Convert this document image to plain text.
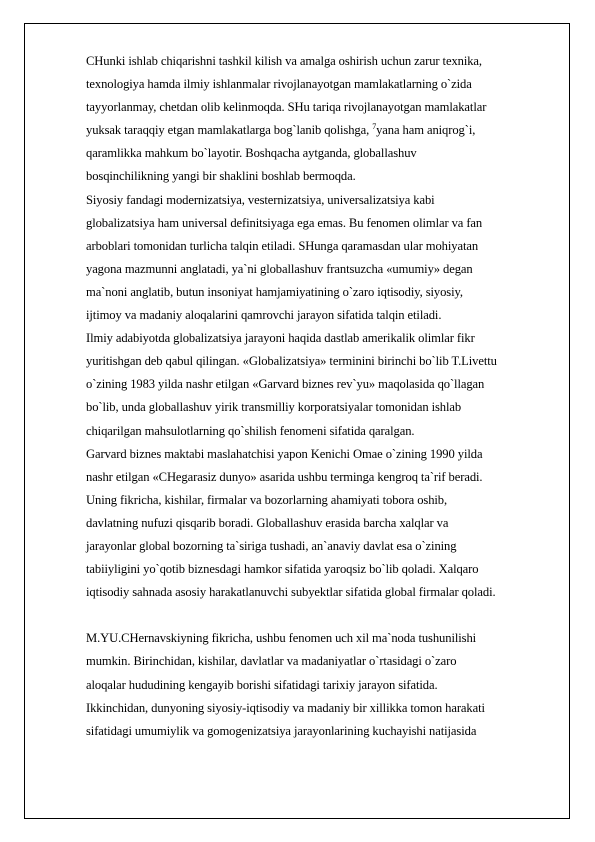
CHunki ishlab chiqarishni tashkil kilish va amalga oshirish uchun zarur texnika,
texnologiya hamda ilmiy ishlanmalar rivojlanayotgan mamlakatlarning o`zida
tayyorlanmay, chetdan olib kelinmoqda. SHu tariqa rivojlanayotgan mamlakatlar
yuksak taraqqiy etgan mamlakatlarga bog`lanib qolishga, $^7$yana ham aniqrog`i,
qaramlikka mahkum bo`layotir. Boshqacha aytganda, globallashuv
bosqinchilikning yangi bir shaklini boshlab bermoqda.
Siyosiy fandagi modernizatsiya, vesternizatsiya, universalizatsiya kabi
globalizatsiya ham universal definitsiyaga ega emas. Bu fenomen olimlar va fan
arboblari tomonidan turlicha talqin etiladi. SHunga qaramasdan ular mohiyatan
yagona mazmunni anglatadi, ya`ni globallashuv frantsuzcha «umumiy» degan
ma`noni anglatib, butun insoniyat hamjamiyatining o`zaro iqtisodiy, siyosiy,
ijtimoy va madaniy aloqalarini qamrovchi jarayon sifatida talqin etiladi.
Ilmiy adabiyotda globalizatsiya jarayoni haqida dastlab amerikalik olimlar fikr
yuritishgan deb qabul qilingan. «Globalizatsiya» terminini birinchi bo`lib T.Livettu
o`zining 1983 yilda nashr etilgan «Garvard biznes rev`yu» maqolasida qo`llagan
bo`lib, unda globallashuv yirik transmilliy korporatsiyalar tomonidan ishlab
chiqarilgan mahsulotlarning qo`shilish fenomeni sifatida qaralgan.
Garvard biznes maktabi maslahatchisi yapon Kenichi Omae o`zining 1990 yilda
nashr etilgan «CHegarasiz dunyo» asarida ushbu terminga kengroq ta`rif beradi.
Uning fikricha, kishilar, firmalar va bozorlarning ahamiyati tobora oshib,
davlatning nufuzi qisqarib boradi. Globallashuv erasida barcha xalqlar va
jarayonlar global bozorning ta`siriga tushadi, an`anaviy davlat esa o`zining
tabiiyligini yo`qotib biznesdagi hamkor sifatida yaroqsiz bo`lib qoladi. Xalqaro
iqtisodiy sahnada asosiy harakatlanuvchi subyektlar sifatida global firmalar qoladi.
M.YU.CHernavskiyning fikricha, ushbu fenomen uch xil ma`noda tushunilishi
mumkin. Birinchidan, kishilar, davlatlar va madaniyatlar o`rtasidagi o`zaro
aloqalar hududining kengayib borishi sifatidagi tarixiy jarayon sifatida.
Ikkinchidan, dunyoning siyosiy-iqtisodiy va madaniy bir xillikka tomon harakati
sifatidagi umumiylik va gomogenizatsiya jarayonlarining kuchayishi natijasida
